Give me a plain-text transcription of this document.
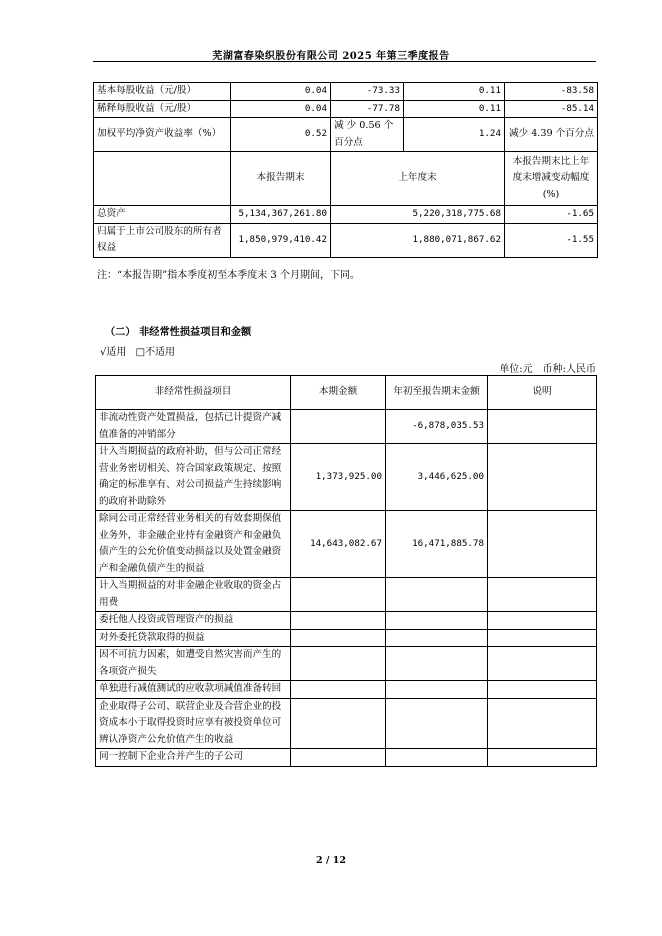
芜湖富春染织股份有限公司 2025 年第三季度报告
基本每股收益（元/股）	0.04	-73.33	0.11	-83.58
稀释每股收益（元/股）	0.04	-77.78	0.11	-85.14
加权平均净资产收益率（%）	0.52	减 少 0.56 个百分点	1.24	减少 4.39 个百分点
	本报告期末	上年度末		本报告期末比上年度末增减变动幅度(%)
总资产	5,134,367,261.80	5,220,318,775.68		-1.65
归属于上市公司股东的所有者权益	1,850,979,410.42	1,880,071,867.62		-1.55
注：“本报告期”指本季度初至本季度末 3 个月期间，下同。
（二） 非经常性损益项目和金额
√适用 □不适用
单位:元　币种:人民币
非经常性损益项目	本期金额	年初至报告期末金额	说明
非流动性资产处置损益，包括已计提资产减值准备的冲销部分		-6,878,035.53	
计入当期损益的政府补助，但与公司正常经营业务密切相关、符合国家政策规定、按照确定的标准享有、对公司损益产生持续影响的政府补助除外	1,373,925.00	3,446,625.00	
除同公司正常经营业务相关的有效套期保值业务外，非金融企业持有金融资产和金融负债产生的公允价值变动损益以及处置金融资产和金融负债产生的损益	14,643,082.67	16,471,885.78	
计入当期损益的对非金融企业收取的资金占用费			
委托他人投资或管理资产的损益			
对外委托贷款取得的损益			
因不可抗力因素，如遭受自然灾害而产生的各项资产损失			
单独进行减值测试的应收款项减值准备转回			
企业取得子公司、联营企业及合营企业的投资成本小于取得投资时应享有被投资单位可辨认净资产公允价值产生的收益			
同一控制下企业合并产生的子公司			
2 / 12
